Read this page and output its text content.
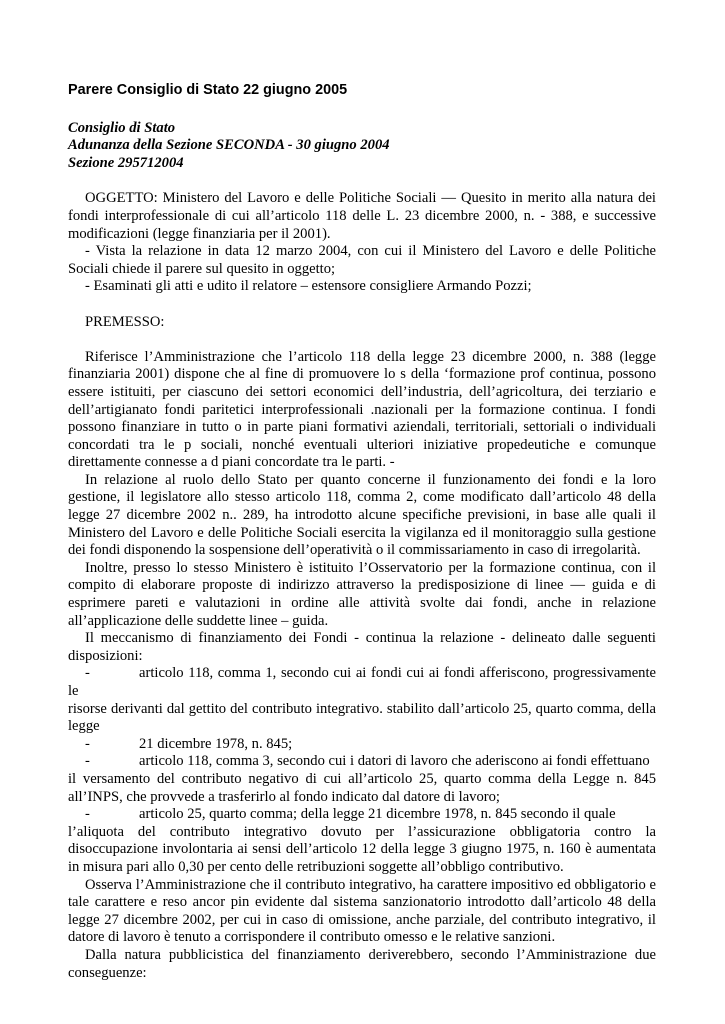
Parere Consiglio di Stato 22 giugno 2005
Consiglio di Stato
Adunanza della Sezione SECONDA - 30 giugno 2004
Sezione 295712004

OGGETTO: Ministero del Lavoro e delle Politiche Sociali — Quesito in merito alla natura dei fondi interprofessionale di cui all’articolo 118 delle L. 23 dicembre 2000, n. - 388, e successive modificazioni (legge finanziaria per il 2001).

- Vista la relazione in data 12 marzo 2004, con cui il Ministero del Lavoro e delle Politiche Sociali chiede il parere sul quesito in oggetto;

- Esaminati gli atti e udito il relatore – estensore consigliere Armando Pozzi;

PREMESSO:

Riferisce l’Amministrazione che l’articolo 118 della legge 23 dicembre 2000, n. 388 (legge finanziaria 2001) dispone che al fine di promuovere lo s della ‘formazione prof continua, possono essere istituiti, per ciascuno dei settori economici dell’industria, dell’agricoltura, dei terziario e dell’artigianato fondi paritetici interprofessionali .nazionali per la formazione continua. I fondi possono finanziare in tutto o in parte piani formativi aziendali, territoriali, settoriali o individuali concordati tra le p sociali, nonché eventuali ulteriori iniziative propedeutiche e comunque direttamente connesse a d piani concordate tra le parti. -

In relazione al ruolo dello Stato per quanto concerne il funzionamento dei fondi e la loro gestione, il legislatore allo stesso articolo 118, comma 2, come modificato dall’articolo 48 della legge 27 dicembre 2002 n.. 289, ha introdotto alcune specifiche previsioni, in base alle quali il Ministero del Lavoro e delle Politiche Sociali esercita la vigilanza ed il monitoraggio sulla gestione dei fondi disponendo la sospensione dell’operatività o il commissariamento in caso di irregolarità.

Inoltre, presso lo stesso Ministero è istituito l’Osservatorio per la formazione continua, con il compito di elaborare proposte di indirizzo attraverso la predisposizione di linee — guida e di esprimere pareti e valutazioni in ordine alle attività svolte dai fondi, anche in relazione all’applicazione delle suddette linee – guida.

Il meccanismo di finanziamento dei Fondi - continua la relazione - delineato dalle seguenti disposizioni:

-	articolo 118, comma 1, secondo cui ai fondi cui ai fondi afferiscono, progressivamente le
risorse derivanti dal gettito del contributo integrativo. stabilito dall’articolo 25, quarto comma, della legge
-	21 dicembre 1978, n. 845;
-	articolo 118, comma 3, secondo cui i datori di lavoro che aderiscono ai fondi effettuano
il versamento del contributo negativo di cui all’articolo 25, quarto comma della Legge n. 845 all’INPS, che provvede a trasferirlo al fondo indicato dal datore di lavoro;
-	articolo 25, quarto comma; della legge 21 dicembre 1978, n. 845 secondo il quale
l’aliquota del contributo integrativo dovuto per l’assicurazione obbligatoria contro la disoccupazione involontaria ai sensi dell’articolo 12 della legge 3 giugno 1975, n. 160 è aumentata in misura pari allo 0,30 per cento delle retribuzioni soggette all’obbligo contributivo.

Osserva l’Amministrazione che il contributo integrativo, ha carattere impositivo ed obbligatorio e tale carattere e reso ancor pin evidente dal sistema sanzionatorio introdotto dall’articolo 48 della legge 27 dicembre 2002, per cui in caso di omissione, anche parziale, del contributo integrativo, il datore di lavoro è tenuto a corrispondere il contributo omesso e le relative sanzioni.

Dalla natura pubblicistica del finanziamento deriverebbero, secondo l’Amministrazione due conseguenze:
